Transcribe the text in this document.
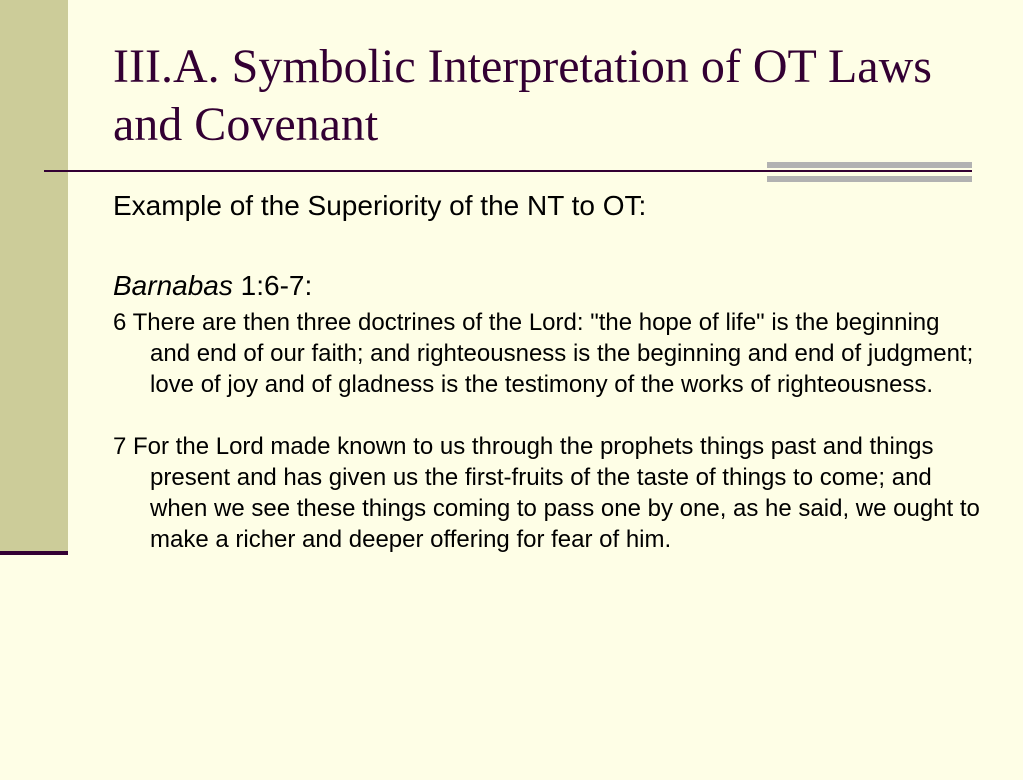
III.A. Symbolic Interpretation of OT Laws and Covenant

Example of the Superiority of the NT to OT:

Barnabas 1:6-7:

6 There are then three doctrines of the Lord: "the hope of life" is the beginning and end of our faith; and righteousness is the beginning and end of judgment; love of joy and of gladness is the testimony of the works of righteousness.

7 For the Lord made known to us through the prophets things past and things present and has given us the first-fruits of the taste of things to come; and when we see these things coming to pass one by one, as he said, we ought to make a richer and deeper offering for fear of him.
